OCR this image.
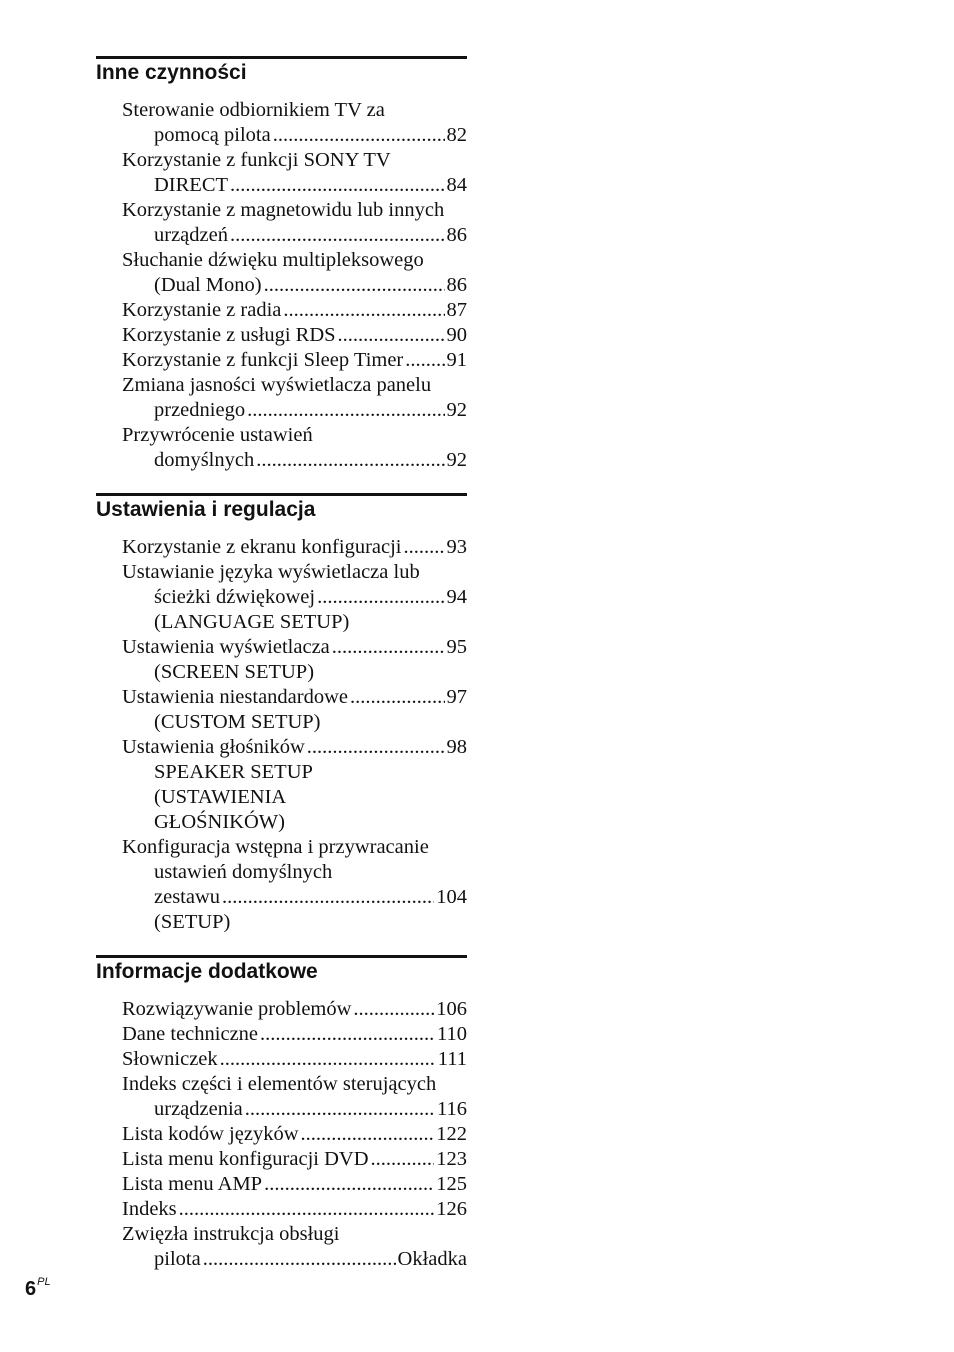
Inne czynności
Sterowanie odbiornikiem TV za
pomocą pilota .....	82
Korzystanie z funkcji SONY TV
DIRECT .....	84
Korzystanie z magnetowidu lub innych
urządzeń .....	86
Słuchanie dźwięku multipleksowego
(Dual Mono) .....	86
Korzystanie z radia .....	87
Korzystanie z usługi RDS .....	90
Korzystanie z funkcji Sleep Timer ..... 91
Zmiana jasności wyświetlacza panelu
przedniego .....	92
Przywrócenie ustawień
domyślnych .....	92
Ustawienia i regulacja
Korzystanie z ekranu konfiguracji ..... 93
Ustawianie języka wyświetlacza lub
ścieżki dźwiękowej .....	94
(LANGUAGE SETUP)
Ustawienia wyświetlacza .....	95
(SCREEN SETUP)
Ustawienia niestandardowe .....	97
(CUSTOM SETUP)
Ustawienia głośników .....	98
SPEAKER SETUP
(USTAWIENIA
GŁOŚNIKÓW)
Konfiguracja wstępna i przywracanie
ustawień domyślnych
zestawu .....	104
(SETUP)
Informacje dodatkowe
Rozwiązywanie problemów .....	106
Dane techniczne .....	110
Słowniczek .....	111
Indeks części i elementów sterujących
urządzenia .....	116
Lista kodów języków .....	122
Lista menu konfiguracji DVD .....	123
Lista menu AMP .....	125
Indeks .....	126
Zwięzła instrukcja obsługi
pilota .....	Okładka
$6^{PL}$
